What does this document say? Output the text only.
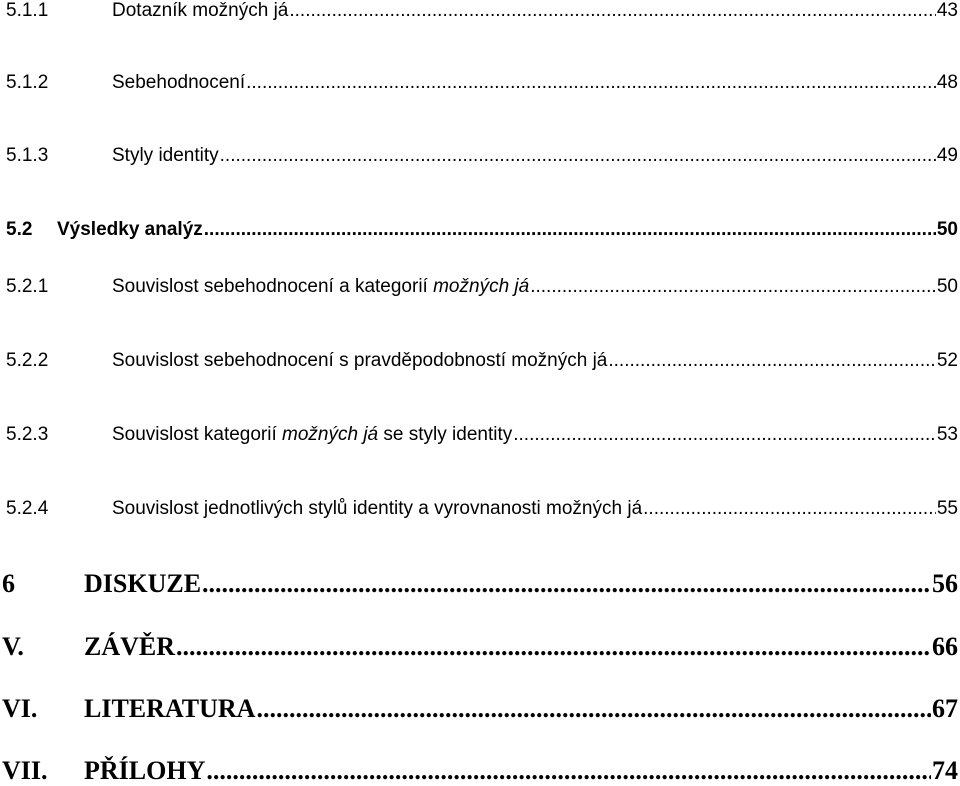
5.1.1	Dotazník možných já .....	43
5.1.2	Sebehodnocení .....	48
5.1.3	Styly identity .....	49
5.2	Výsledky analýz .....	50
5.2.1	Souvislost sebehodnocení a kategorií možných já .....	50
5.2.2	Souvislost sebehodnocení s pravděpodobností možných já .....	52
5.2.3	Souvislost kategorií možných já se styly identity .....	53
5.2.4	Souvislost jednotlivých stylů identity a vyrovnanosti možných já .....	55
6	DISKUZE .....	56
V.	ZÁVĚR .....	66
VI.	LITERATURA .....	67
VII.	PŘÍLOHY .....	74
